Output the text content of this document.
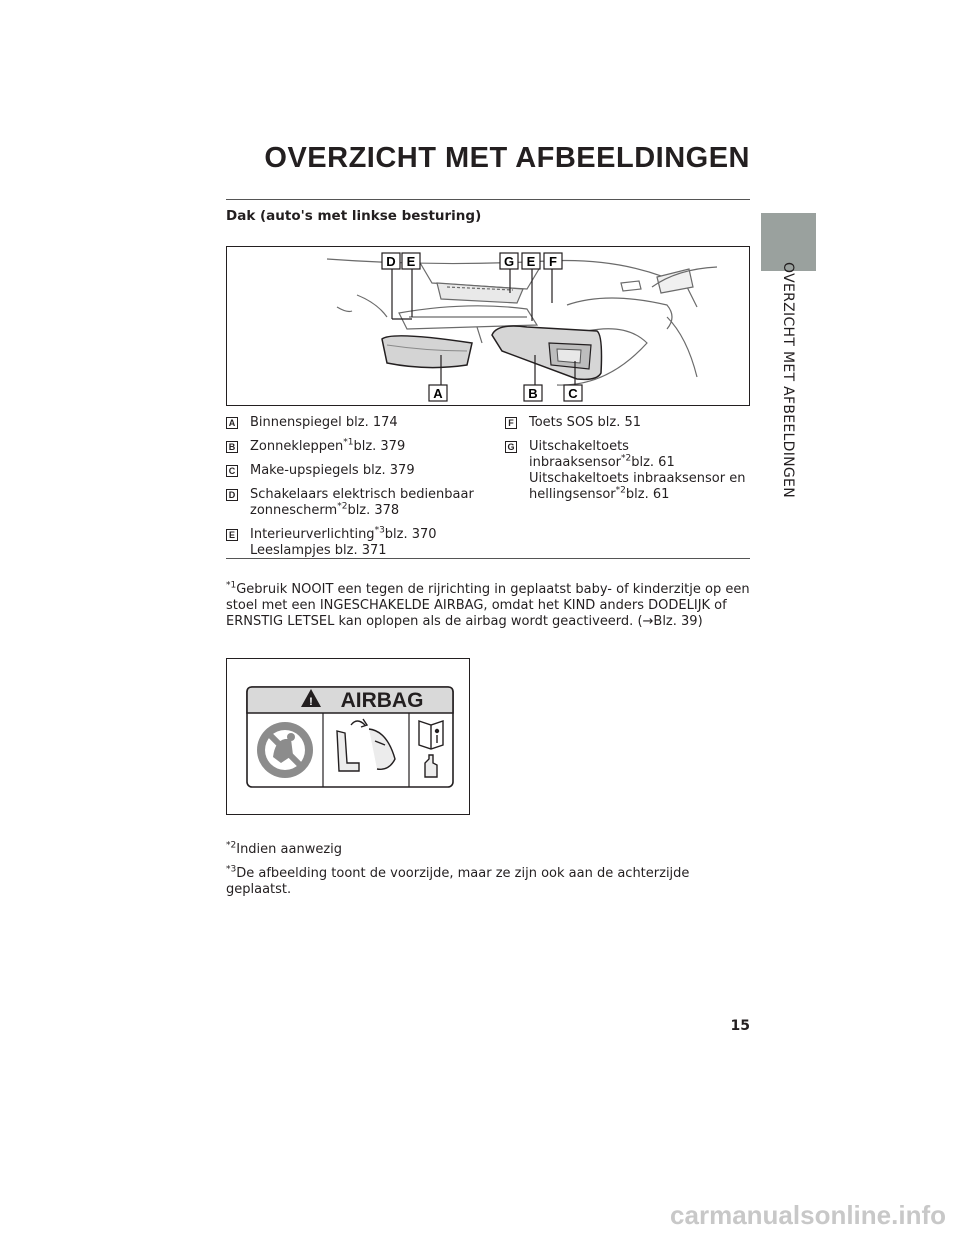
OVERZICHT MET AFBEELDINGEN
OVERZICHT MET AFBEELDINGEN
Dak (auto's met linkse besturing)
D E	G E F
A	B C
A Binnenspiegel blz. 174
B Zonnekleppen$^{*1}$blz. 379
C Make-upspiegels blz. 379
D Schakelaars elektrisch bedienbaar
zonnescherm$^{*2}$blz. 378
E Interieurverlichting$^{*3}$blz. 370
Leeslampjes blz. 371
F Toets SOS blz. 51
G Uitschakeltoets
inbraaksensor$^{*2}$blz. 61
Uitschakeltoets inbraaksensor en
hellingsensor$^{*2}$blz. 61
$^{*1}$Gebruik NOOIT een tegen de rijrichting in geplaatst baby- of kinderzitje op een stoel met een INGESCHAKELDE AIRBAG, omdat het KIND anders DODELIJK of ERNSTIG LETSEL kan oplopen als de airbag wordt geactiveerd. (→Blz. 39)
! AIRBAG
$^{*2}$Indien aanwezig
$^{*3}$De afbeelding toont de voorzijde, maar ze zijn ook aan de achterzijde geplaatst.
15
carmanualsonline.info
